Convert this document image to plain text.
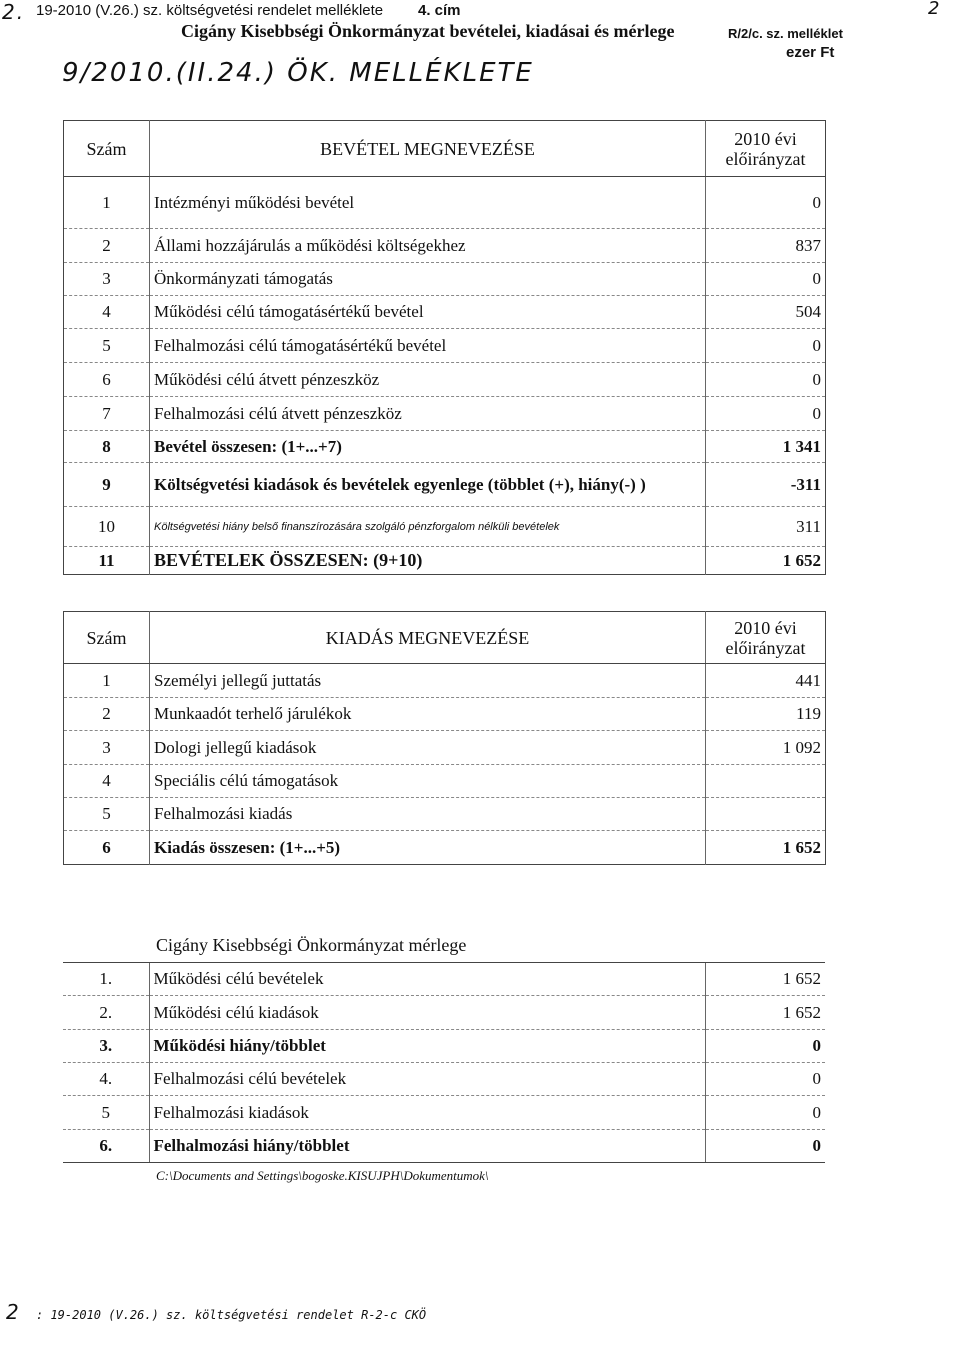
2. 19-2010 (V.26.) sz. költségvetési rendelet melléklete 4. cím	2
Cigány Kisebbségi Önkormányzat bevételei, kiadásai és mérlege	R/2/c. sz. melléklet
ezer Ft
9/2010.(II.24.) ÖK. MELLÉKLETE
Szám	BEVÉTEL MEGNEVEZÉSE	2010 évi előirányzat
1	Intézményi működési bevétel	0
2	Állami hozzájárulás a működési költségekhez	837
3	Önkormányzati támogatás	0
4	Működési célú támogatásértékű bevétel	504
5	Felhalmozási célú támogatásértékű bevétel	0
6	Működési célú átvett pénzeszköz	0
7	Felhalmozási célú átvett pénzeszköz	0
8	Bevétel összesen: (1+...+7)	1 341
9	Költségvetési kiadások és bevételek egyenlege (többlet (+), hiány(-) )	-311
10	Költségvetési hiány belső finanszírozására szolgáló pénzforgalom nélküli bevételek	311
11	BEVÉTELEK ÖSSZESEN: (9+10)	1 652
Szám	KIADÁS MEGNEVEZÉSE	2010 évi előirányzat
1	Személyi jellegű juttatás	441
2	Munkaadót terhelő járulékok	119
3	Dologi jellegű kiadások	1 092
4	Speciális célú támogatások	
5	Felhalmozási kiadás	
6	Kiadás összesen: (1+...+5)	1 652
Cigány Kisebbségi Önkormányzat mérlege
1.	Működési célú bevételek	1 652
2.	Működési célú kiadások	1 652
3.	Működési hiány/többlet	0
4.	Felhalmozási célú bevételek	0
5	Felhalmozási kiadások	0
6.	Felhalmozási hiány/többlet	0
C:\Documents and Settings\bogoske.KISUJPH\Dokumentumok\
2 : 19-2010 (V.26.) sz. költségvetési rendelet R-2-c CKÖ
